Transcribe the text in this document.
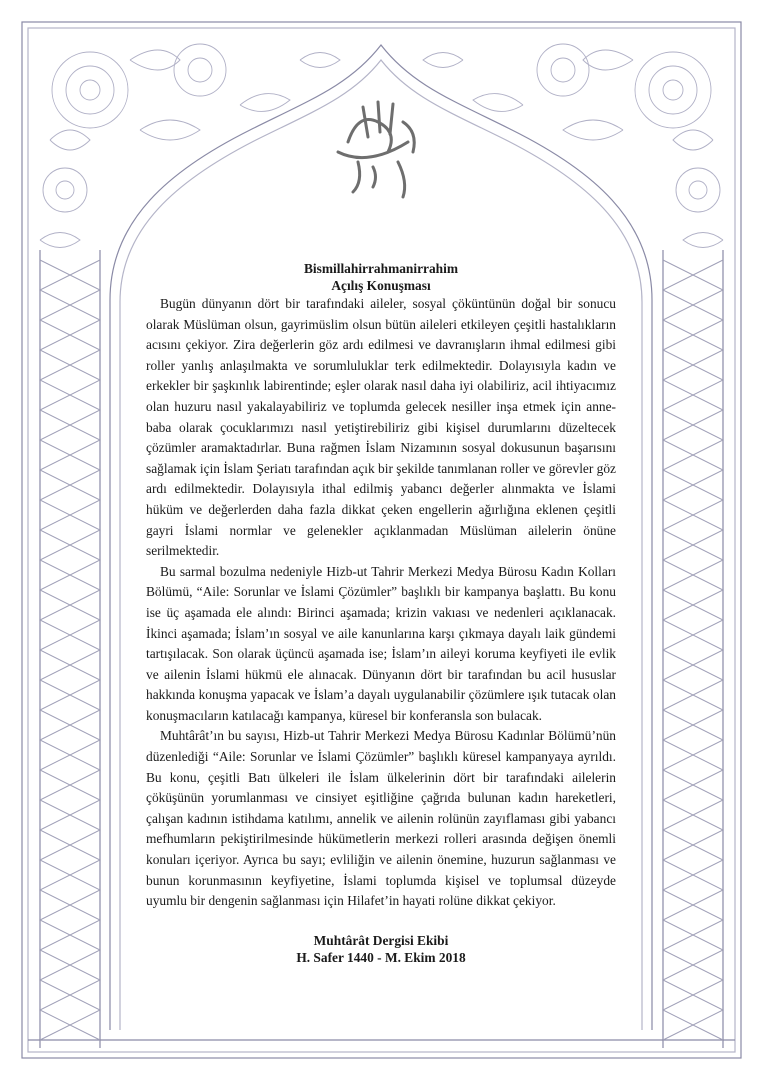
Bismillahirrahmanirrahim

Açılış Konuşması

Bugün dünyanın dört bir tarafındaki aileler, sosyal çöküntünün doğal bir sonucu olarak Müslüman olsun, gayrimüslim olsun bütün aileleri etkileyen çeşitli hastalıkların acısını çekiyor. Zira değerlerin göz ardı edilmesi ve davranışların ihmal edilmesi gibi roller yanlış anlaşılmakta ve sorumluluklar terk edilmektedir. Dolayısıyla kadın ve erkekler bir şaşkınlık labirentinde; eşler olarak nasıl daha iyi olabiliriz, acil ihtiyacımız olan huzuru nasıl yakalayabiliriz ve toplumda gelecek nesiller inşa etmek için anne-baba olarak çocuklarımızı nasıl yetiştirebiliriz gibi kişisel durumlarını düzeltecek çözümler aramaktadırlar. Buna rağmen İslam Nizamının sosyal dokusunun başarısını sağlamak için İslam Şeriatı tarafından açık bir şekilde tanımlanan roller ve görevler göz ardı edilmektedir. Dolayısıyla ithal edilmiş yabancı değerler alınmakta ve İslami hüküm ve değerlerden daha fazla dikkat çeken engellerin ağırlığına eklenen çeşitli gayri İslami normlar ve gelenekler açıklanmadan Müslüman ailelerin önüne serilmektedir.

Bu sarmal bozulma nedeniyle Hizb-ut Tahrir Merkezi Medya Bürosu Kadın Kolları Bölümü, “Aile: Sorunlar ve İslami Çözümler” başlıklı bir kampanya başlattı. Bu konu ise üç aşamada ele alındı: Birinci aşamada; krizin vakıası ve nedenleri açıklanacak. İkinci aşamada; İslam’ın sosyal ve aile kanunlarına karşı çıkmaya dayalı laik gündemi tartışılacak. Son olarak üçüncü aşamada ise; İslam’ın aileyi koruma keyfiyeti ile evlik ve ailenin İslami hükmü ele alınacak. Dünyanın dört bir tarafından bu acil hususlar hakkında konuşma yapacak ve İslam’a dayalı uygulanabilir çözümlere ışık tutacak olan konuşmacıların katılacağı kampanya, küresel bir konferansla son bulacak.

Muhtârât’ın bu sayısı, Hizb-ut Tahrir Merkezi Medya Bürosu Kadınlar Bölümü’nün düzenlediği “Aile: Sorunlar ve İslami Çözümler” başlıklı küresel kampanyaya ayrıldı. Bu konu, çeşitli Batı ülkeleri ile İslam ülkelerinin dört bir tarafındaki ailelerin çöküşünün yorumlanması ve cinsiyet eşitliğine çağrıda bulunan kadın hareketleri, çalışan kadının istihdama katılımı, annelik ve ailenin rolünün zayıflaması gibi yabancı mefhumların pekiştirilmesinde hükümetlerin merkezi rolleri arasında değişen önemli konuları içeriyor. Ayrıca bu sayı; evliliğin ve ailenin önemine, huzurun sağlanması ve bunun korunmasının keyfiyetine, İslami toplumda kişisel ve toplumsal düzeyde uyumlu bir dengenin sağlanması için Hilafet’in hayati rolüne dikkat çekiyor.

Muhtârât Dergisi Ekibi
H. Safer 1440 - M. Ekim 2018
